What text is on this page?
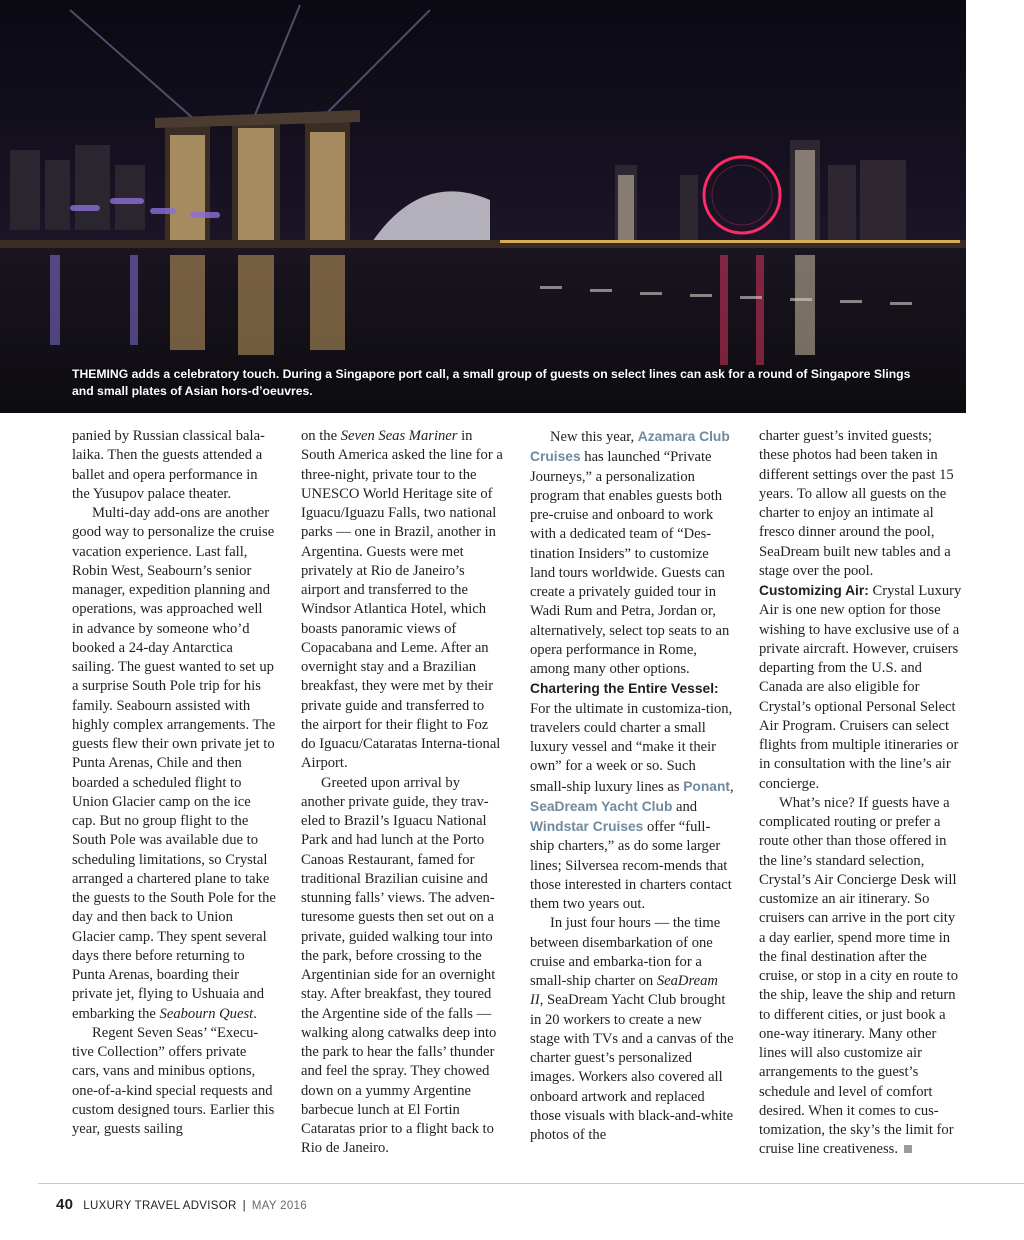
THEMING adds a celebratory touch. During a Singapore port call, a small group of guests on select lines can ask for a round of Singapore Slings and small plates of Asian hors-d’oeuvres.

panied by Russian classical bala-laika. Then the guests attended a ballet and opera performance in the Yusupov palace theater.

Multi-day add-ons are another good way to personalize the cruise vacation experience. Last fall, Robin West, Seabourn’s senior manager, expedition planning and operations, was approached well in advance by someone who’d booked a 24-day Antarctica sailing. The guest wanted to set up a surprise South Pole trip for his family. Seabourn assisted with highly complex arrangements. The guests flew their own private jet to Punta Arenas, Chile and then boarded a scheduled flight to Union Glacier camp on the ice cap. But no group flight to the South Pole was available due to scheduling limitations, so Crystal arranged a chartered plane to take the guests to the South Pole for the day and then back to Union Glacier camp. They spent several days there before returning to Punta Arenas, boarding their private jet, flying to Ushuaia and embarking the Seabourn Quest.

Regent Seven Seas’ “Execu-tive Collection” offers private cars, vans and minibus options, one-of-a-kind special requests and custom designed tours. Earlier this year, guests sailing

on the Seven Seas Mariner in South America asked the line for a three-night, private tour to the UNESCO World Heritage site of Iguacu/Iguazu Falls, two national parks — one in Brazil, another in Argentina. Guests were met privately at Rio de Janeiro’s airport and transferred to the Windsor Atlantica Hotel, which boasts panoramic views of Copacabana and Leme. After an overnight stay and a Brazilian breakfast, they were met by their private guide and transferred to the airport for their flight to Foz do Iguacu/Cataratas Interna-tional Airport.

Greeted upon arrival by another private guide, they trav-eled to Brazil’s Iguacu National Park and had lunch at the Porto Canoas Restaurant, famed for traditional Brazilian cuisine and stunning falls’ views. The adven-turesome guests then set out on a private, guided walking tour into the park, before crossing to the Argentinian side for an overnight stay. After breakfast, they toured the Argentine side of the falls — walking along catwalks deep into the park to hear the falls’ thunder and feel the spray. They chowed down on a yummy Argentine barbecue lunch at El Fortin Cataratas prior to a flight back to Rio de Janeiro.

New this year, Azamara Club Cruises has launched “Private Journeys,” a personalization program that enables guests both pre-cruise and onboard to work with a dedicated team of “Des-tination Insiders” to customize land tours worldwide. Guests can create a privately guided tour in Wadi Rum and Petra, Jordan or, alternatively, select top seats to an opera performance in Rome, among many other options.

Chartering the Entire Vessel: For the ultimate in customiza-tion, travelers could charter a small luxury vessel and “make it their own” for a week or so. Such small-ship luxury lines as Ponant, SeaDream Yacht Club and Windstar Cruises offer “full-ship charters,” as do some larger lines; Silversea recom-mends that those interested in charters contact them two years out.

In just four hours — the time between disembarkation of one cruise and embarka-tion for a small-ship charter on SeaDream II, SeaDream Yacht Club brought in 20 workers to create a new stage with TVs and a canvas of the charter guest’s personalized images. Workers also covered all onboard artwork and replaced those visuals with black-and-white photos of the

charter guest’s invited guests; these photos had been taken in different settings over the past 15 years. To allow all guests on the charter to enjoy an intimate al fresco dinner around the pool, SeaDream built new tables and a stage over the pool.

Customizing Air: Crystal Luxury Air is one new option for those wishing to have exclusive use of a private aircraft. However, cruisers departing from the U.S. and Canada are also eligible for Crystal’s optional Personal Select Air Program. Cruisers can select flights from multiple itineraries or in consultation with the line’s air concierge.

What’s nice? If guests have a complicated routing or prefer a route other than those offered in the line’s standard selection, Crystal’s Air Concierge Desk will customize an air itinerary. So cruisers can arrive in the port city a day earlier, spend more time in the final destination after the cruise, or stop in a city en route to the ship, leave the ship and return to different cities, or just book a one-way itinerary. Many other lines will also customize air arrangements to the guest’s schedule and level of comfort desired. When it comes to cus-tomization, the sky’s the limit for cruise line creativeness.

40 LUXURY TRAVEL ADVISOR | MAY 2016
